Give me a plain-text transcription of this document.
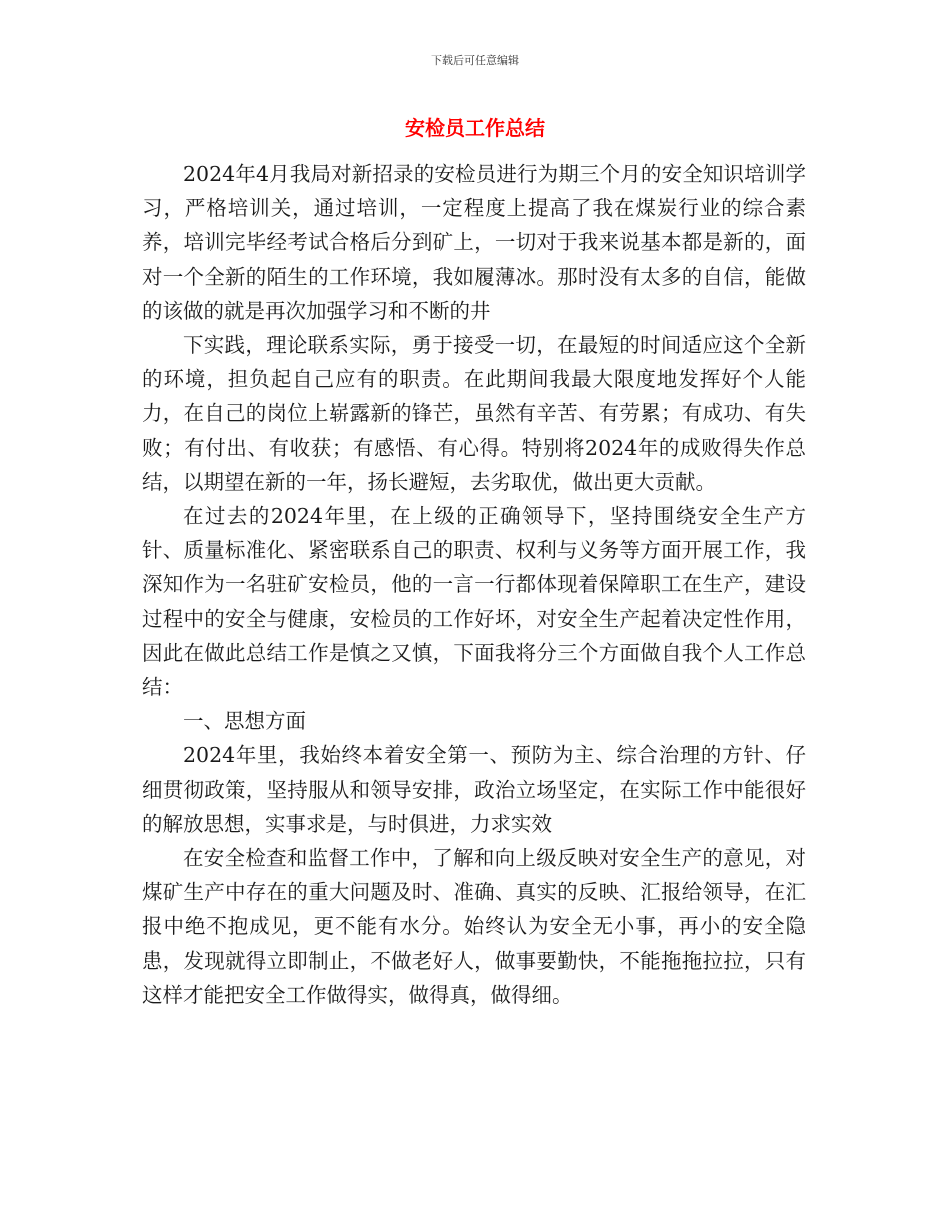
下载后可任意编辑
安检员工作总结

2024年4月我局对新招录的安检员进行为期三个月的安全知识培训学习，严格培训关，通过培训，一定程度上提高了我在煤炭行业的综合素养，培训完毕经考试合格后分到矿上，一切对于我来说基本都是新的，面对一个全新的陌生的工作环境，我如履薄冰。那时没有太多的自信，能做的该做的就是再次加强学习和不断的井

下实践，理论联系实际，勇于接受一切，在最短的时间适应这个全新的环境，担负起自己应有的职责。在此期间我最大限度地发挥好个人能力，在自己的岗位上崭露新的锋芒，虽然有辛苦、有劳累；有成功、有失败；有付出、有收获；有感悟、有心得。特别将2024年的成败得失作总结，以期望在新的一年，扬长避短，去劣取优，做出更大贡献。

在过去的2024年里，在上级的正确领导下，坚持围绕安全生产方针、质量标准化、紧密联系自己的职责、权利与义务等方面开展工作，我深知作为一名驻矿安检员，他的一言一行都体现着保障职工在生产，建设过程中的安全与健康，安检员的工作好坏，对安全生产起着决定性作用，因此在做此总结工作是慎之又慎，下面我将分三个方面做自我个人工作总结：

一、思想方面

2024年里，我始终本着安全第一、预防为主、综合治理的方针、仔细贯彻政策，坚持服从和领导安排，政治立场坚定，在实际工作中能很好的解放思想，实事求是，与时俱进，力求实效

在安全检查和监督工作中，了解和向上级反映对安全生产的意见，对煤矿生产中存在的重大问题及时、准确、真实的反映、汇报给领导，在汇报中绝不抱成见，更不能有水分。始终认为安全无小事，再小的安全隐患，发现就得立即制止，不做老好人，做事要勤快，不能拖拖拉拉，只有这样才能把安全工作做得实，做得真，做得细。
